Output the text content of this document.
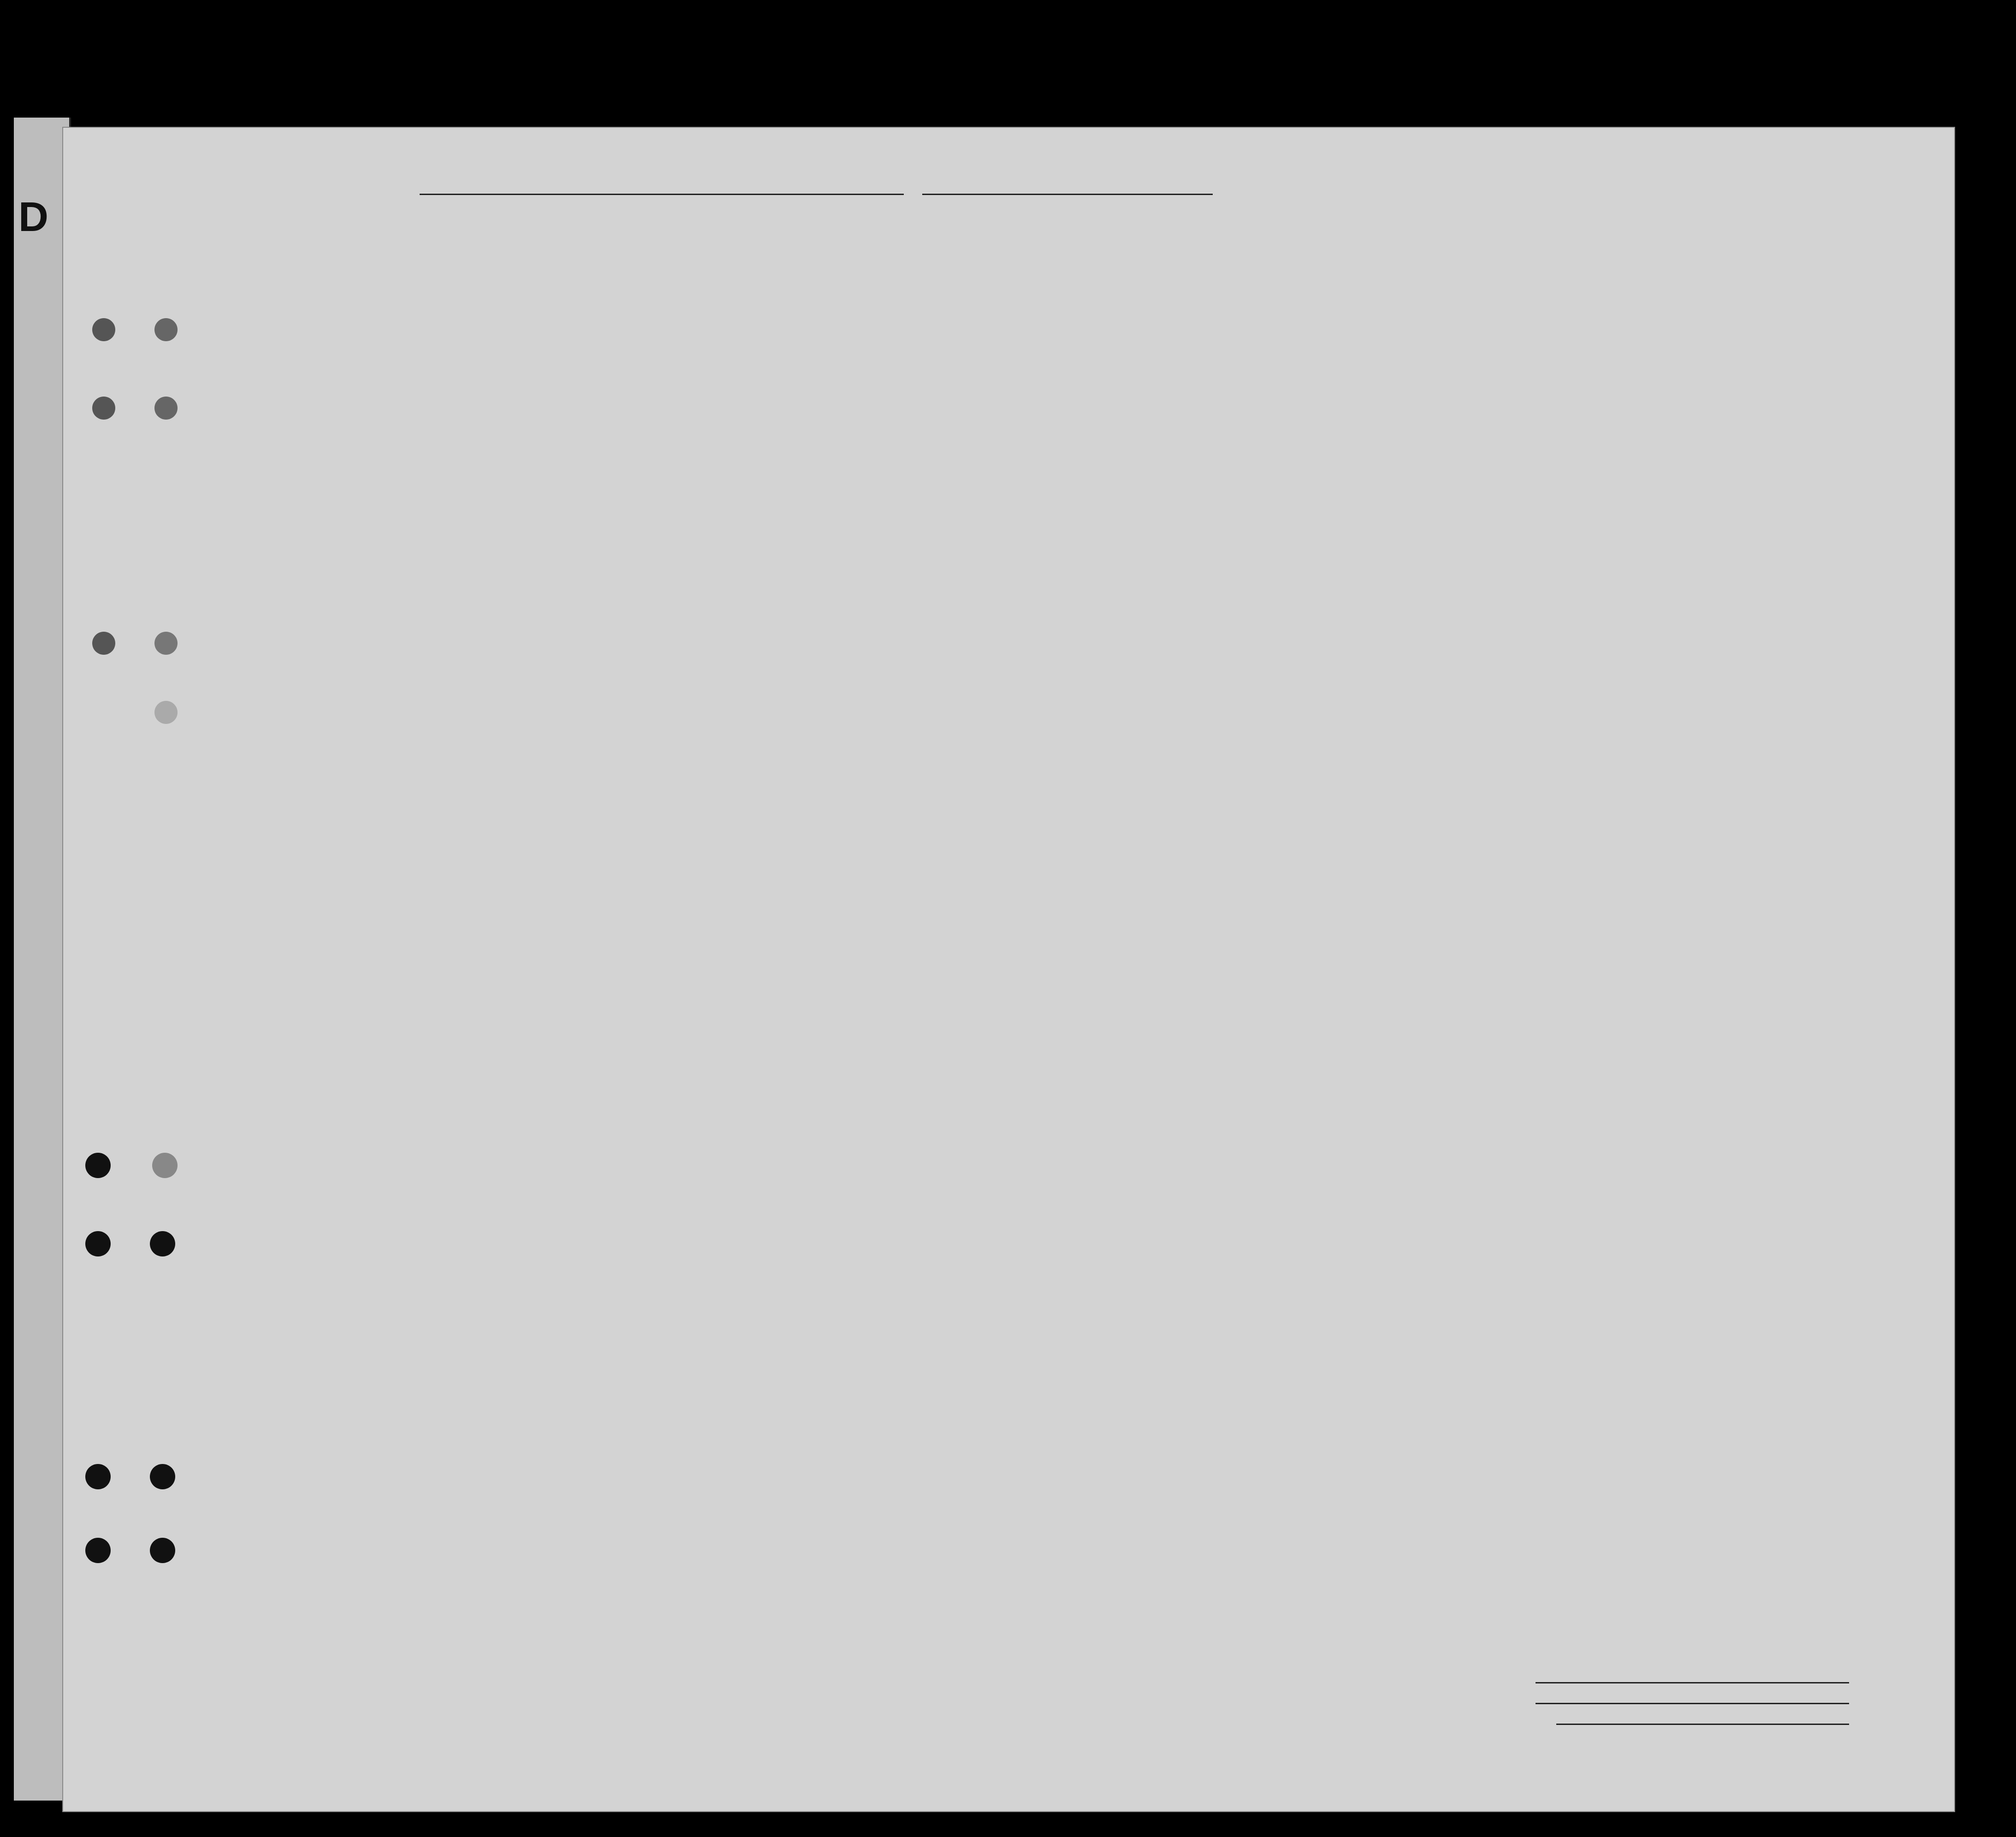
D
